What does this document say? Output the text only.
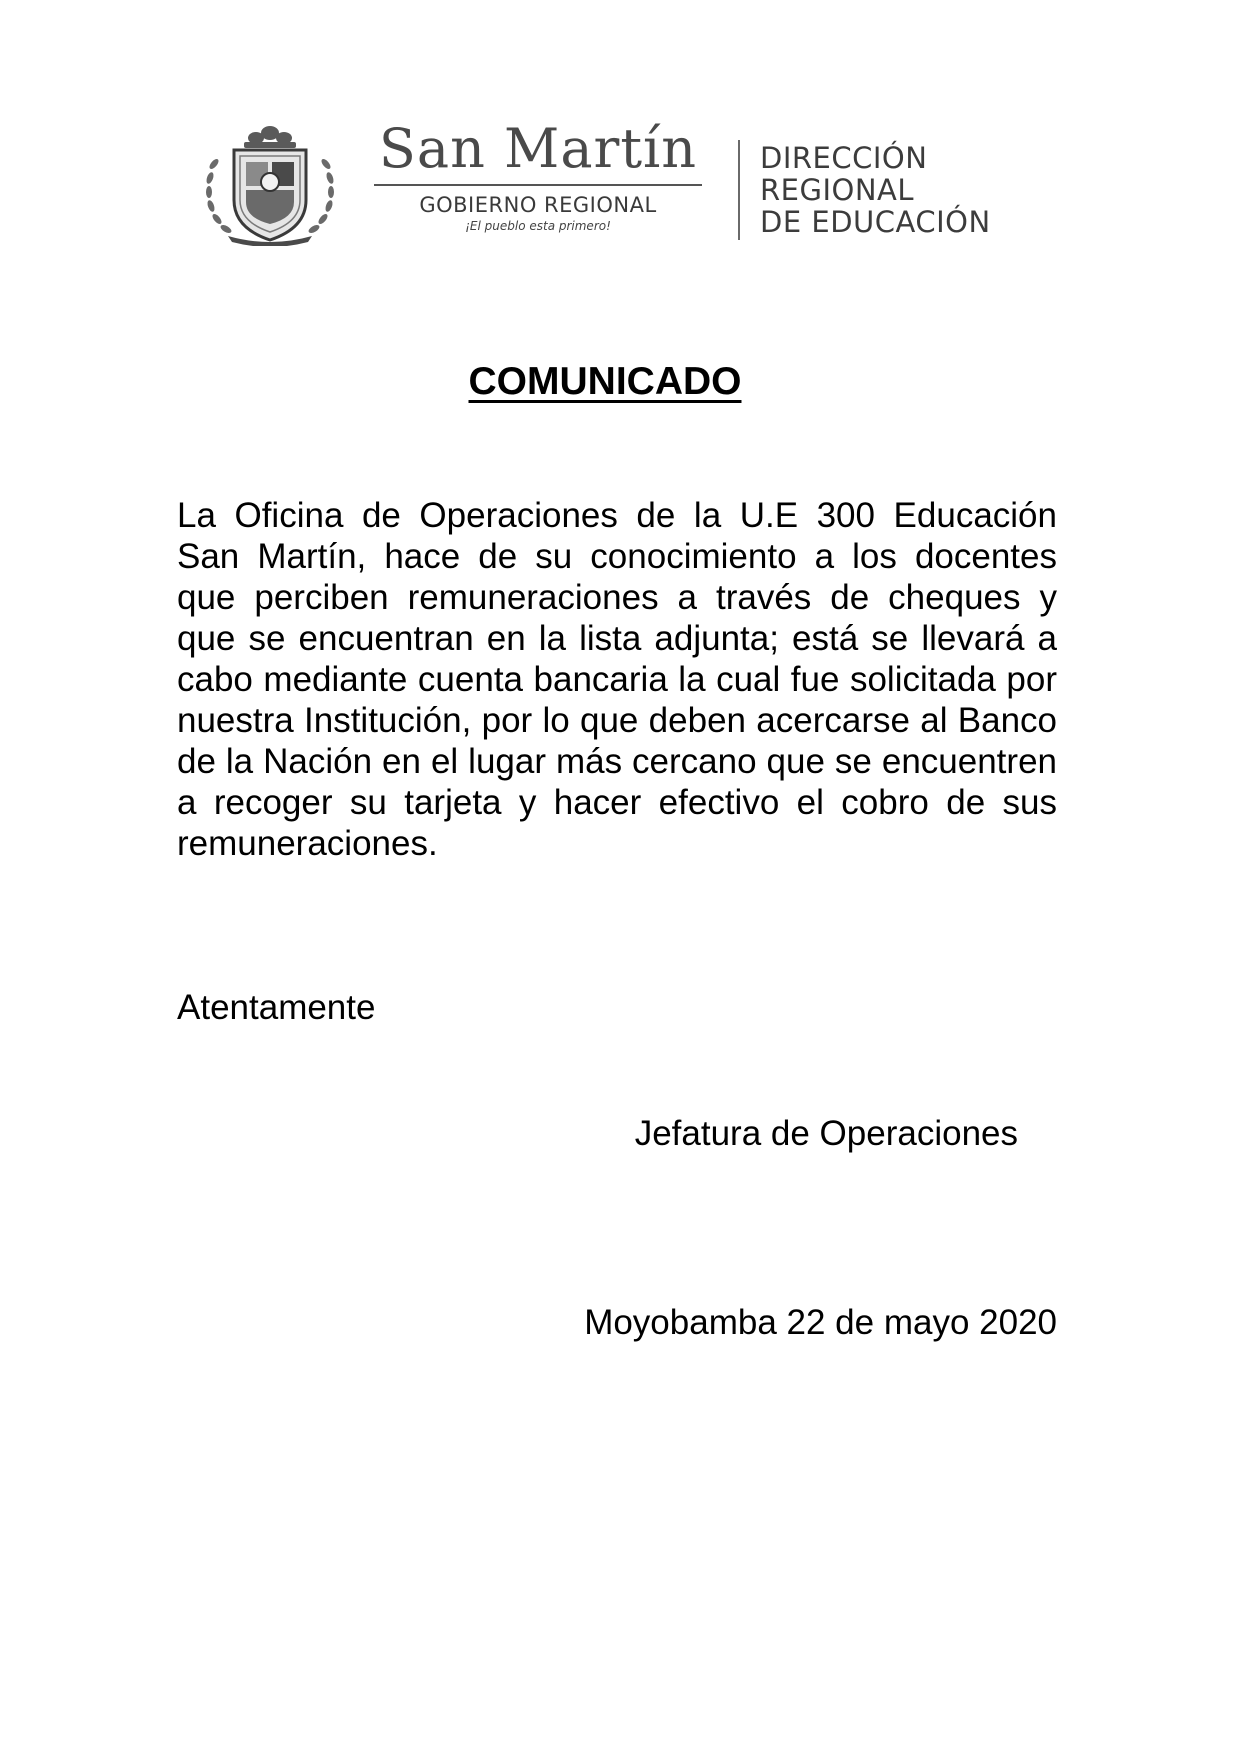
San Martín
GOBIERNO REGIONAL
¡El pueblo esta primero!
DIRECCIÓN
REGIONAL
DE EDUCACIÓN
COMUNICADO

La Oficina de Operaciones de la U.E 300 Educación San Martín, hace de su conocimiento a los docentes que perciben remuneraciones a través de cheques y que se encuentran en la lista adjunta; está se llevará a cabo mediante cuenta bancaria la cual fue solicitada por nuestra Institución, por lo que deben acercarse al Banco de la Nación en el lugar más cercano que se encuentren a recoger su tarjeta y hacer efectivo el cobro de sus remuneraciones.

Atentamente
Jefatura de Operaciones
Moyobamba 22 de mayo 2020
